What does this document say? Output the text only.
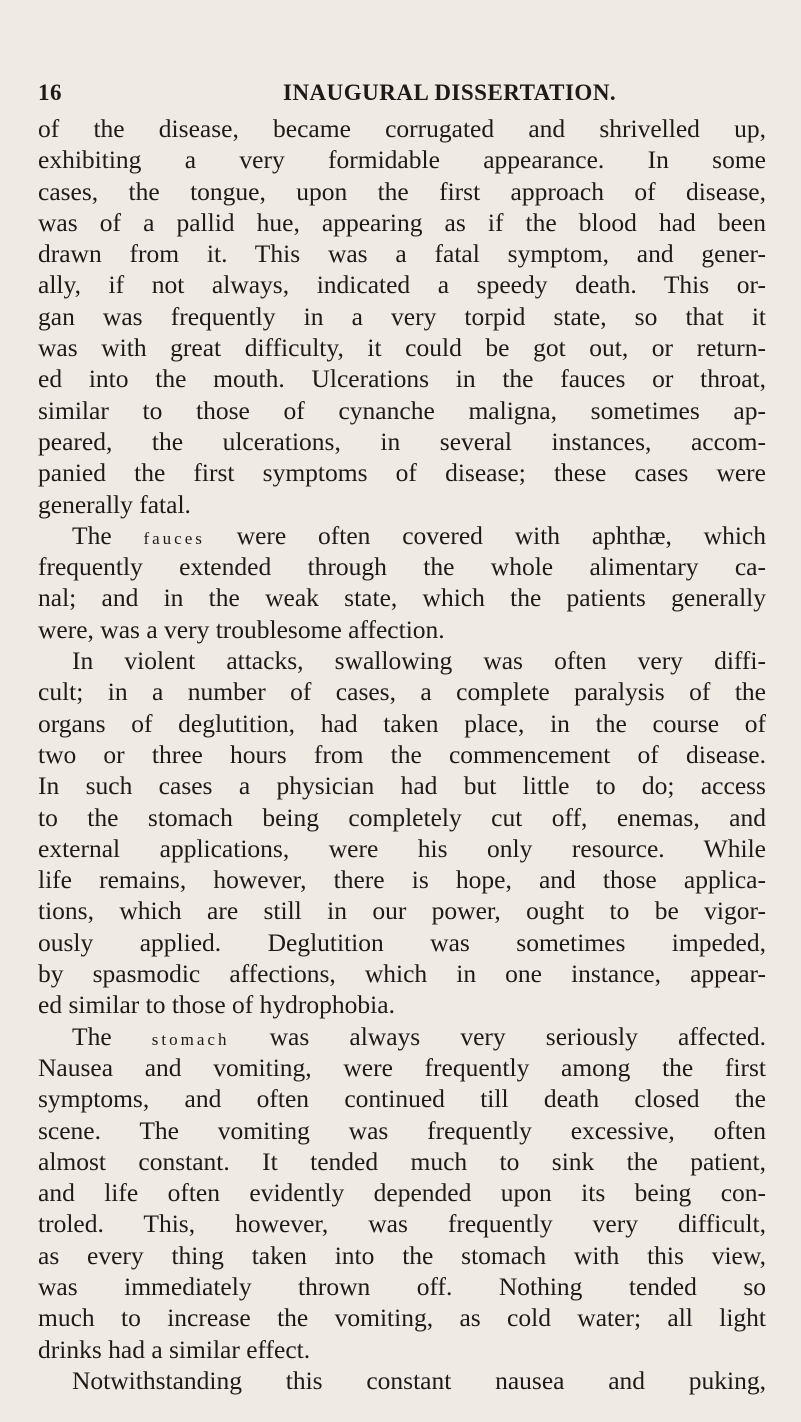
16	INAUGURAL DISSERTATION.
of the disease, became corrugated and shrivelled up,
exhibiting a very formidable appearance. In some
cases, the tongue, upon the first approach of disease,
was of a pallid hue, appearing as if the blood had been
drawn from it. This was a fatal symptom, and gener-
ally, if not always, indicated a speedy death. This or-
gan was frequently in a very torpid state, so that it
was with great difficulty, it could be got out, or return-
ed into the mouth. Ulcerations in the fauces or throat,
similar to those of cynanche maligna, sometimes ap-
peared, the ulcerations, in several instances, accom-
panied the first symptoms of disease; these cases were
generally fatal.
The fauces were often covered with aphthæ, which
frequently extended through the whole alimentary ca-
nal; and in the weak state, which the patients generally
were, was a very troublesome affection.
In violent attacks, swallowing was often very diffi-
cult; in a number of cases, a complete paralysis of the
organs of deglutition, had taken place, in the course of
two or three hours from the commencement of disease.
In such cases a physician had but little to do; access
to the stomach being completely cut off, enemas, and
external applications, were his only resource. While
life remains, however, there is hope, and those applica-
tions, which are still in our power, ought to be vigor-
ously applied. Deglutition was sometimes impeded,
by spasmodic affections, which in one instance, appear-
ed similar to those of hydrophobia.
The stomach was always very seriously affected.
Nausea and vomiting, were frequently among the first
symptoms, and often continued till death closed the
scene. The vomiting was frequently excessive, often
almost constant. It tended much to sink the patient,
and life often evidently depended upon its being con-
troled. This, however, was frequently very difficult,
as every thing taken into the stomach with this view,
was immediately thrown off. Nothing tended so
much to increase the vomiting, as cold water; all light
drinks had a similar effect.
Notwithstanding this constant nausea and puking,
